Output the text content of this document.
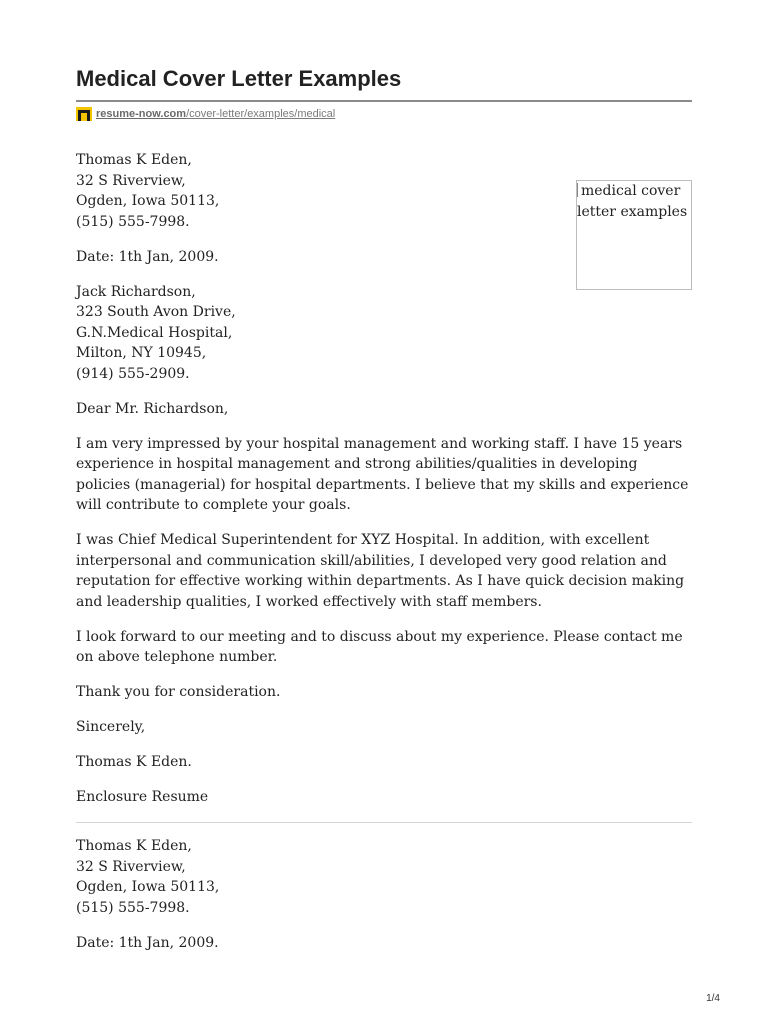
Medical Cover Letter Examples
resume-now.com /cover-letter/examples/medical
medical cover letter examples

Thomas K Eden,
32 S Riverview,
Ogden, Iowa 50113,
(515) 555-7998.

Date: 1th Jan, 2009.

Jack Richardson,
323 South Avon Drive,
G.N.Medical Hospital,
Milton, NY 10945,
(914) 555-2909.

Dear Mr. Richardson,

I am very impressed by your hospital management and working staff. I have 15 years experience in hospital management and strong abilities/qualities in developing policies (managerial) for hospital departments. I believe that my skills and experience will contribute to complete your goals.

I was Chief Medical Superintendent for XYZ Hospital. In addition, with excellent interpersonal and communication skill/abilities, I developed very good relation and reputation for effective working within departments. As I have quick decision making and leadership qualities, I worked effectively with staff members.

I look forward to our meeting and to discuss about my experience. Please contact me on above telephone number.

Thank you for consideration.

Sincerely,

Thomas K Eden.

Enclosure Resume

Thomas K Eden,
32 S Riverview,
Ogden, Iowa 50113,
(515) 555-7998.

Date: 1th Jan, 2009.

1/4
